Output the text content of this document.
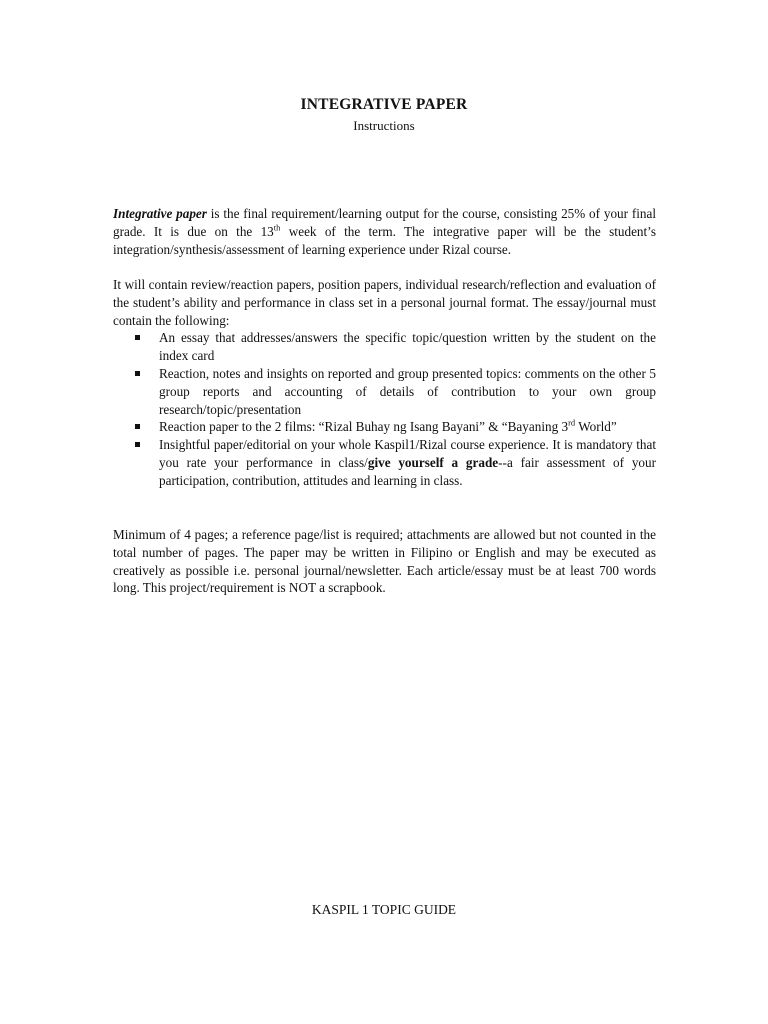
INTEGRATIVE PAPER
Instructions
Integrative paper is the final requirement/learning output for the course, consisting 25% of your final grade. It is due on the 13th week of the term. The integrative paper will be the student’s integration/synthesis/assessment of learning experience under Rizal course.
It will contain review/reaction papers, position papers, individual research/reflection and evaluation of the student’s ability and performance in class set in a personal journal format. The essay/journal must contain the following:
An essay that addresses/answers the specific topic/question written by the student on the index card
Reaction, notes and insights on reported and group presented topics: comments on the other 5 group reports and accounting of details of contribution to your own group research/topic/presentation
Reaction paper to the 2 films: “Rizal Buhay ng Isang Bayani” & “Bayaning 3rd World”
Insightful paper/editorial on your whole Kaspil1/Rizal course experience. It is mandatory that you rate your performance in class/give yourself a grade--a fair assessment of your participation, contribution, attitudes and learning in class.
Minimum of 4 pages; a reference page/list is required; attachments are allowed but not counted in the total number of pages. The paper may be written in Filipino or English and may be executed as creatively as possible i.e. personal journal/newsletter. Each article/essay must be at least 700 words long. This project/requirement is NOT a scrapbook.
KASPIL 1 TOPIC GUIDE
